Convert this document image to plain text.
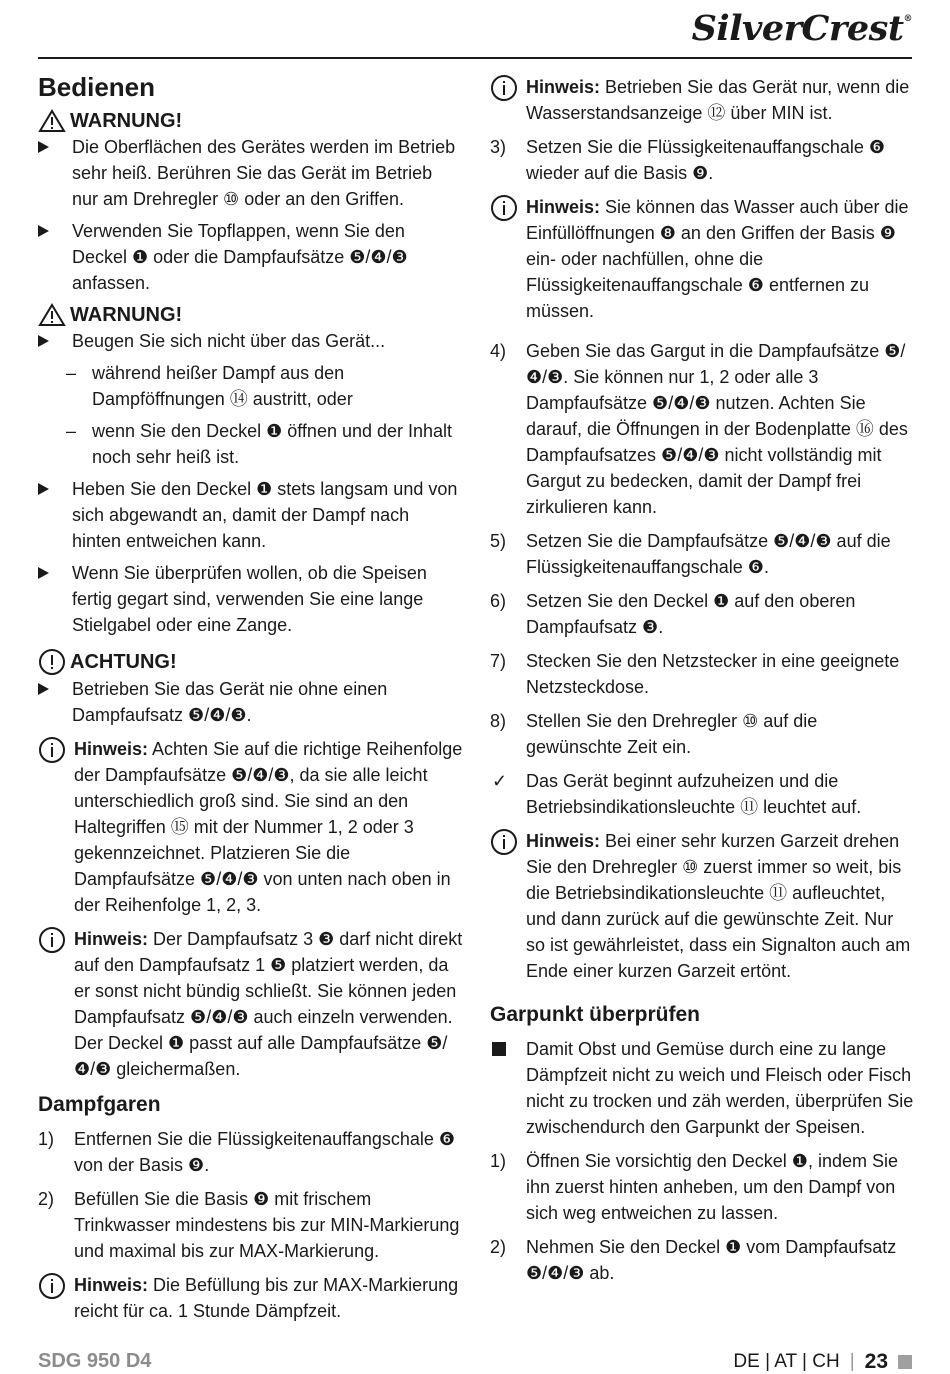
SilverCrest®
Bedienen
WARNUNG!
Die Oberflächen des Gerätes werden im Betrieb sehr heiß. Berühren Sie das Gerät im Betrieb nur am Drehregler ⑩ oder an den Griffen.
Verwenden Sie Topflappen, wenn Sie den Deckel ❶ oder die Dampfaufsätze ❺/❹/❸ anfassen.
WARNUNG!
Beugen Sie sich nicht über das Gerät...
– während heißer Dampf aus den Dampföffnungen ⑭ austritt, oder
– wenn Sie den Deckel ❶ öffnen und der Inhalt noch sehr heiß ist.
Heben Sie den Deckel ❶ stets langsam und von sich abgewandt an, damit der Dampf nach hinten entweichen kann.
Wenn Sie überprüfen wollen, ob die Speisen fertig gegart sind, verwenden Sie eine lange Stielgabel oder eine Zange.
ACHTUNG!
Betrieben Sie das Gerät nie ohne einen Dampfaufsatz ❺/❹/❸.
Hinweis: Achten Sie auf die richtige Reihenfolge der Dampfaufsätze ❺/❹/❸, da sie alle leicht unterschiedlich groß sind. Sie sind an den Haltegriffen ⑮ mit der Nummer 1, 2 oder 3 gekennzeichnet. Platzieren Sie die Dampfaufsätze ❺/❹/❸ von unten nach oben in der Reihenfolge 1, 2, 3.
Hinweis: Der Dampfaufsatz 3 ❸ darf nicht direkt auf den Dampfaufsatz 1 ❺ platziert werden, da er sonst nicht bündig schließt. Sie können jeden Dampfaufsatz ❺/❹/❸ auch einzeln verwenden. Der Deckel ❶ passt auf alle Dampfaufsätze ❺/❹/❸ gleichermaßen.
Dampfgaren
1) Entfernen Sie die Flüssigkeitenauffangschale ❻ von der Basis ❾.
2) Befüllen Sie die Basis ❾ mit frischem Trinkwasser mindestens bis zur MIN-Markierung und maximal bis zur MAX-Markierung.
Hinweis: Die Befüllung bis zur MAX-Markierung reicht für ca. 1 Stunde Dämpfzeit.
Hinweis: Betrieben Sie das Gerät nur, wenn die Wasserstandsanzeige ⑫ über MIN ist.
3) Setzen Sie die Flüssigkeitenauffangschale ❻ wieder auf die Basis ❾.
Hinweis: Sie können das Wasser auch über die Einfüllöffnungen ❽ an den Griffen der Basis ❾ ein- oder nachfüllen, ohne die Flüssigkeitenauffangschale ❻ entfernen zu müssen.
4) Geben Sie das Gargut in die Dampfaufsätze ❺/❹/❸. Sie können nur 1, 2 oder alle 3 Dampfaufsätze ❺/❹/❸ nutzen. Achten Sie darauf, die Öffnungen in der Bodenplatte ⑯ des Dampfaufsatzes ❺/❹/❸ nicht vollständig mit Gargut zu bedecken, damit der Dampf frei zirkulieren kann.
5) Setzen Sie die Dampfaufsätze ❺/❹/❸ auf die Flüssigkeitenauffangschale ❻.
6) Setzen Sie den Deckel ❶ auf den oberen Dampfaufsatz ❸.
7) Stecken Sie den Netzstecker in eine geeignete Netzsteckdose.
8) Stellen Sie den Drehregler ⑩ auf die gewünschte Zeit ein.
✓ Das Gerät beginnt aufzuheizen und die Betriebsindikationsleuchte ⑪ leuchtet auf.
Hinweis: Bei einer sehr kurzen Garzeit drehen Sie den Drehregler ⑩ zuerst immer so weit, bis die Betriebsindikationsleuchte ⑪ aufleuchtet, und dann zurück auf die gewünschte Zeit. Nur so ist gewährleistet, dass ein Signalton auch am Ende einer kurzen Garzeit ertönt.
Garpunkt überprüfen
Damit Obst und Gemüse durch eine zu lange Dämpfzeit nicht zu weich und Fleisch oder Fisch nicht zu trocken und zäh werden, überprüfen Sie zwischendurch den Garpunkt der Speisen.
1) Öffnen Sie vorsichtig den Deckel ❶, indem Sie ihn zuerst hinten anheben, um den Dampf von sich weg entweichen zu lassen.
2) Nehmen Sie den Deckel ❶ vom Dampfaufsatz ❺/❹/❸ ab.
SDG 950 D4	DE | AT | CH | 23
